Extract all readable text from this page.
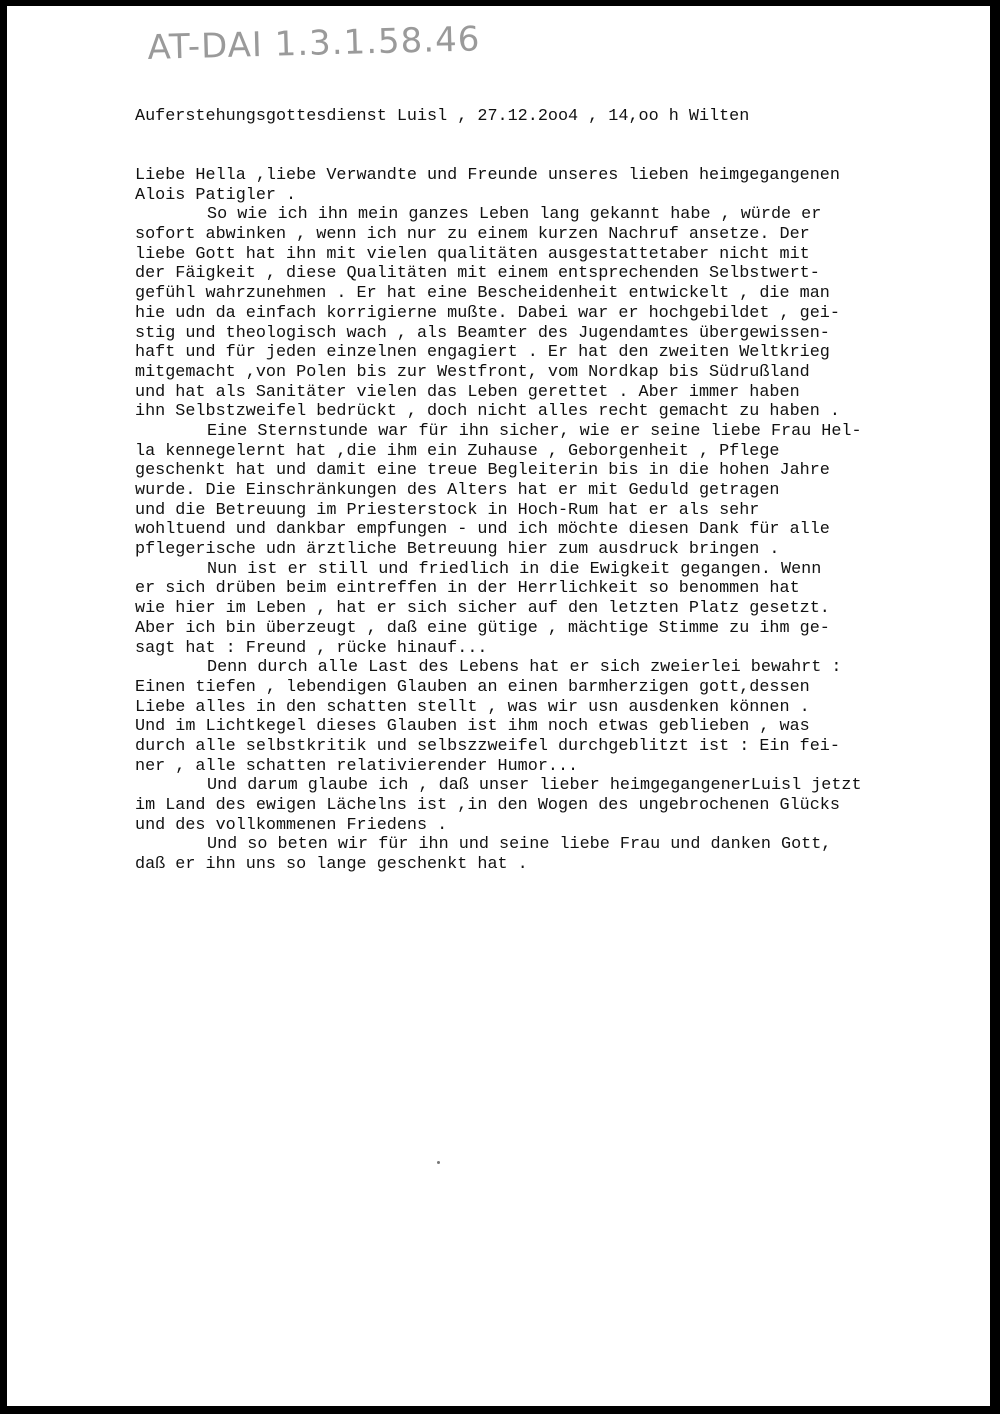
AT-DAI 1.3.1.58.46
Auferstehungsgottesdienst Luisl , 27.12.2oo4 , 14,oo h Wilten
Liebe Hella ,liebe Verwandte und Freunde unseres lieben heimgegangenen
Alois Patigler .
So wie ich ihn mein ganzes Leben lang gekannt habe , würde er
sofort abwinken , wenn ich nur zu einem kurzen Nachruf ansetze. Der
liebe Gott hat ihn mit vielen qualitäten ausgestattetaber nicht mit
der Fäigkeit , diese Qualitäten mit einem entsprechenden Selbstwert-
gefühl wahrzunehmen . Er hat eine Bescheidenheit entwickelt , die man
hie udn da einfach korrigierne mußte. Dabei war er hochgebildet , gei-
stig und theologisch wach , als Beamter des Jugendamtes übergewissen-
haft und für jeden einzelnen engagiert . Er hat den zweiten Weltkrieg
mitgemacht ,von Polen bis zur Westfront, vom Nordkap bis Südrußland
und hat als Sanitäter vielen das Leben gerettet . Aber immer haben
ihn Selbstzweifel bedrückt , doch nicht alles recht gemacht zu haben .
Eine Sternstunde war für ihn sicher, wie er seine liebe Frau Hel-
la kennegelernt hat ,die ihm ein Zuhause , Geborgenheit , Pflege
geschenkt hat und damit eine treue Begleiterin bis in die hohen Jahre
wurde. Die Einschränkungen des Alters hat er mit Geduld getragen
und die Betreuung im Priesterstock in Hoch-Rum hat er als sehr
wohltuend und dankbar empfungen - und ich möchte diesen Dank für alle
pflegerische udn ärztliche Betreuung hier zum ausdruck bringen .
Nun ist er still und friedlich in die Ewigkeit gegangen. Wenn
er sich drüben beim eintreffen in der Herrlichkeit so benommen hat
wie hier im Leben , hat er sich sicher auf den letzten Platz gesetzt.
Aber ich bin überzeugt , daß eine gütige , mächtige Stimme zu ihm ge-
sagt hat : Freund , rücke hinauf...
Denn durch alle Last des Lebens hat er sich zweierlei bewahrt :
Einen tiefen , lebendigen Glauben an einen barmherzigen gott,dessen
Liebe alles in den schatten stellt , was wir usn ausdenken können .
Und im Lichtkegel dieses Glauben ist ihm noch etwas geblieben , was
durch alle selbstkritik und selbszzweifel durchgeblitzt ist : Ein fei-
ner , alle schatten relativierender Humor...
Und darum glaube ich , daß unser lieber heimgegangenerLuisl jetzt
im Land des ewigen Lächelns ist ,in den Wogen des ungebrochenen Glücks
und des vollkommenen Friedens .
Und so beten wir für ihn und seine liebe Frau und danken Gott,
daß er ihn uns so lange geschenkt hat .
